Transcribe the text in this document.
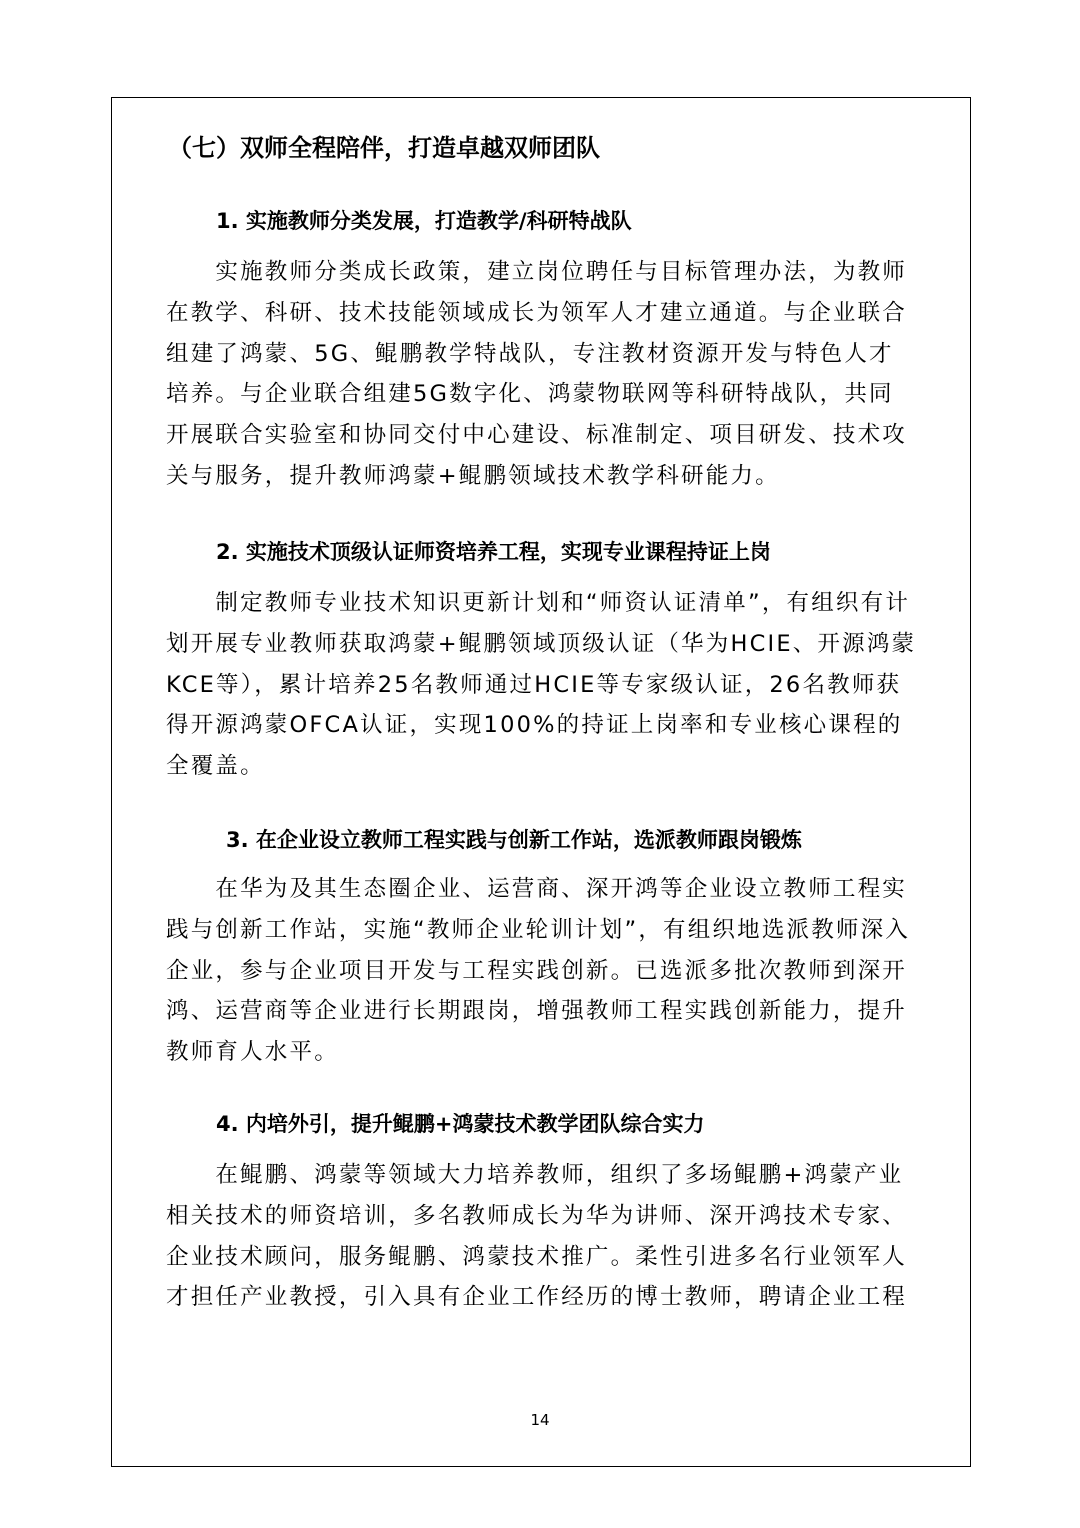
（七）双师全程陪伴，打造卓越双师团队
1. 实施教师分类发展，打造教学/科研特战队
　　实施教师分类成长政策，建立岗位聘任与目标管理办法，为教师
在教学、科研、技术技能领域成长为领军人才建立通道。与企业联合
组建了鸿蒙、5G、鲲鹏教学特战队，专注教材资源开发与特色人才
培养。与企业联合组建5G数字化、鸿蒙物联网等科研特战队，共同
开展联合实验室和协同交付中心建设、标准制定、项目研发、技术攻
关与服务，提升教师鸿蒙+鲲鹏领域技术教学科研能力。
2. 实施技术顶级认证师资培养工程，实现专业课程持证上岗
　　制定教师专业技术知识更新计划和“师资认证清单”，有组织有计
划开展专业教师获取鸿蒙+鲲鹏领域顶级认证（华为HCIE、开源鸿蒙
KCE等），累计培养25名教师通过HCIE等专家级认证，26名教师获
得开源鸿蒙OFCA认证，实现100%的持证上岗率和专业核心课程的
全覆盖。
3. 在企业设立教师工程实践与创新工作站，选派教师跟岗锻炼
　　在华为及其生态圈企业、运营商、深开鸿等企业设立教师工程实
践与创新工作站，实施“教师企业轮训计划”，有组织地选派教师深入
企业，参与企业项目开发与工程实践创新。已选派多批次教师到深开
鸿、运营商等企业进行长期跟岗，增强教师工程实践创新能力，提升
教师育人水平。
4. 内培外引，提升鲲鹏+鸿蒙技术教学团队综合实力
　　在鲲鹏、鸿蒙等领域大力培养教师，组织了多场鲲鹏+鸿蒙产业
相关技术的师资培训，多名教师成长为华为讲师、深开鸿技术专家、
企业技术顾问，服务鲲鹏、鸿蒙技术推广。柔性引进多名行业领军人
才担任产业教授，引入具有企业工作经历的博士教师，聘请企业工程
14
